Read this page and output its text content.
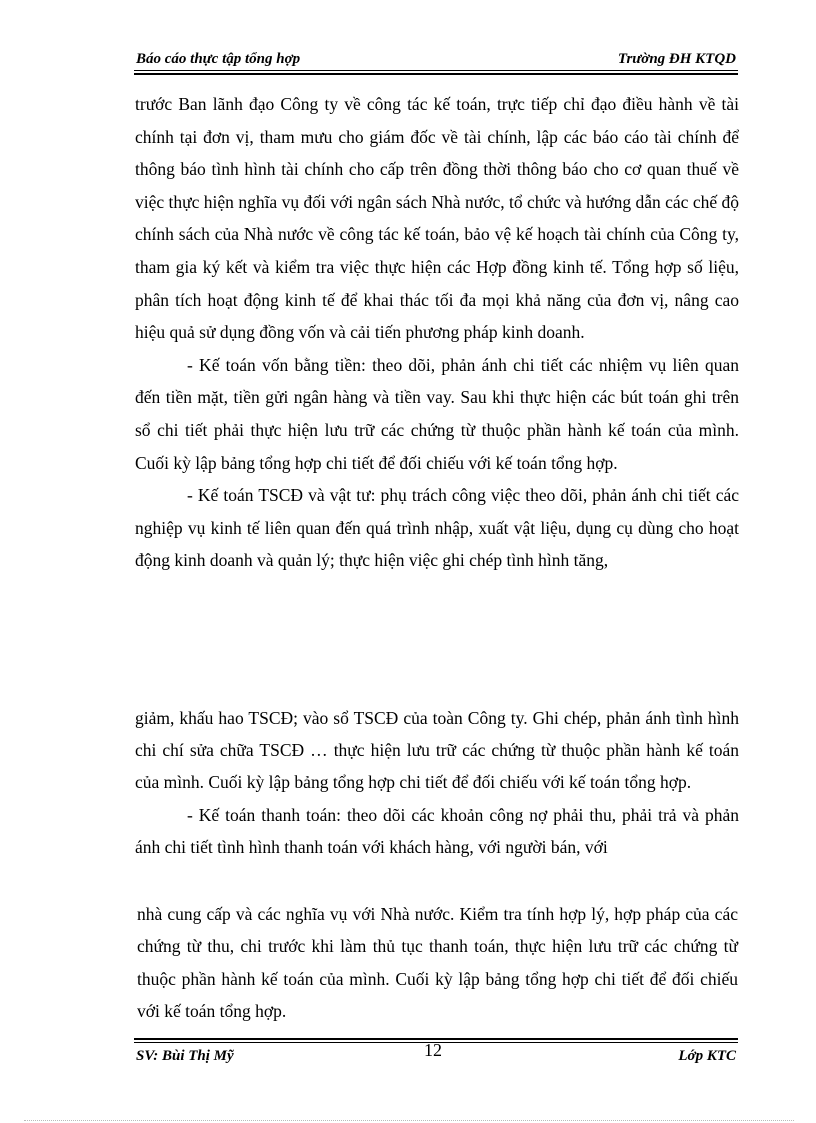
Báo cáo thực tập tổng hợp	Trường ĐH KTQD

trước Ban lãnh đạo Công ty về công tác kế toán, trực tiếp chỉ đạo điều hành về tài chính tại đơn vị, tham mưu cho giám đốc về tài chính, lập các báo cáo tài chính để thông báo tình hình tài chính cho cấp trên đồng thời thông báo cho cơ quan thuế về việc thực hiện nghĩa vụ đối với ngân sách Nhà nước, tổ chức và hướng dẫn các chế độ chính sách của Nhà nước về công tác kế toán, bảo vệ kế hoạch tài chính của Công ty, tham gia ký kết và kiểm tra việc thực hiện các Hợp đồng kinh tế. Tổng hợp số liệu, phân tích hoạt động kinh tế để khai thác tối đa mọi khả năng của đơn vị, nâng cao hiệu quả sử dụng đồng vốn và cải tiến phương pháp kinh doanh.

- Kế toán vốn bằng tiền: theo dõi, phản ánh chi tiết các nhiệm vụ liên quan đến tiền mặt, tiền gửi ngân hàng và tiền vay. Sau khi thực hiện các bút toán ghi trên sổ chi tiết phải thực hiện lưu trữ các chứng từ thuộc phần hành kế toán của mình. Cuối kỳ lập bảng tổng hợp chi tiết để đối chiếu với kế toán tổng hợp.

- Kế toán TSCĐ và vật tư: phụ trách công việc theo dõi, phản ánh chi tiết các nghiệp vụ kinh tế liên quan đến quá trình nhập, xuất vật liệu, dụng cụ dùng cho hoạt động kinh doanh và quản lý; thực hiện việc ghi chép tình hình tăng,

giảm, khấu hao TSCĐ; vào sổ TSCĐ của toàn Công ty. Ghi chép, phản ánh tình hình chi chí sửa chữa TSCĐ … thực hiện lưu trữ các chứng từ thuộc phần hành kế toán của mình. Cuối kỳ lập bảng tổng hợp chi tiết để đối chiếu với kế toán tổng hợp.

- Kế toán thanh toán: theo dõi các khoản công nợ phải thu, phải trả và phản ánh chi tiết tình hình thanh toán với khách hàng, với người bán, với

nhà cung cấp và các nghĩa vụ với Nhà nước. Kiểm tra tính hợp lý, hợp pháp của các chứng từ thu, chi trước khi làm thủ tục thanh toán, thực hiện lưu trữ các chứng từ thuộc phần hành kế toán của mình. Cuối kỳ lập bảng tổng hợp chi tiết để đối chiếu với kế toán tổng hợp.
SV: Bùi Thị Mỹ	12	Lớp KTC
